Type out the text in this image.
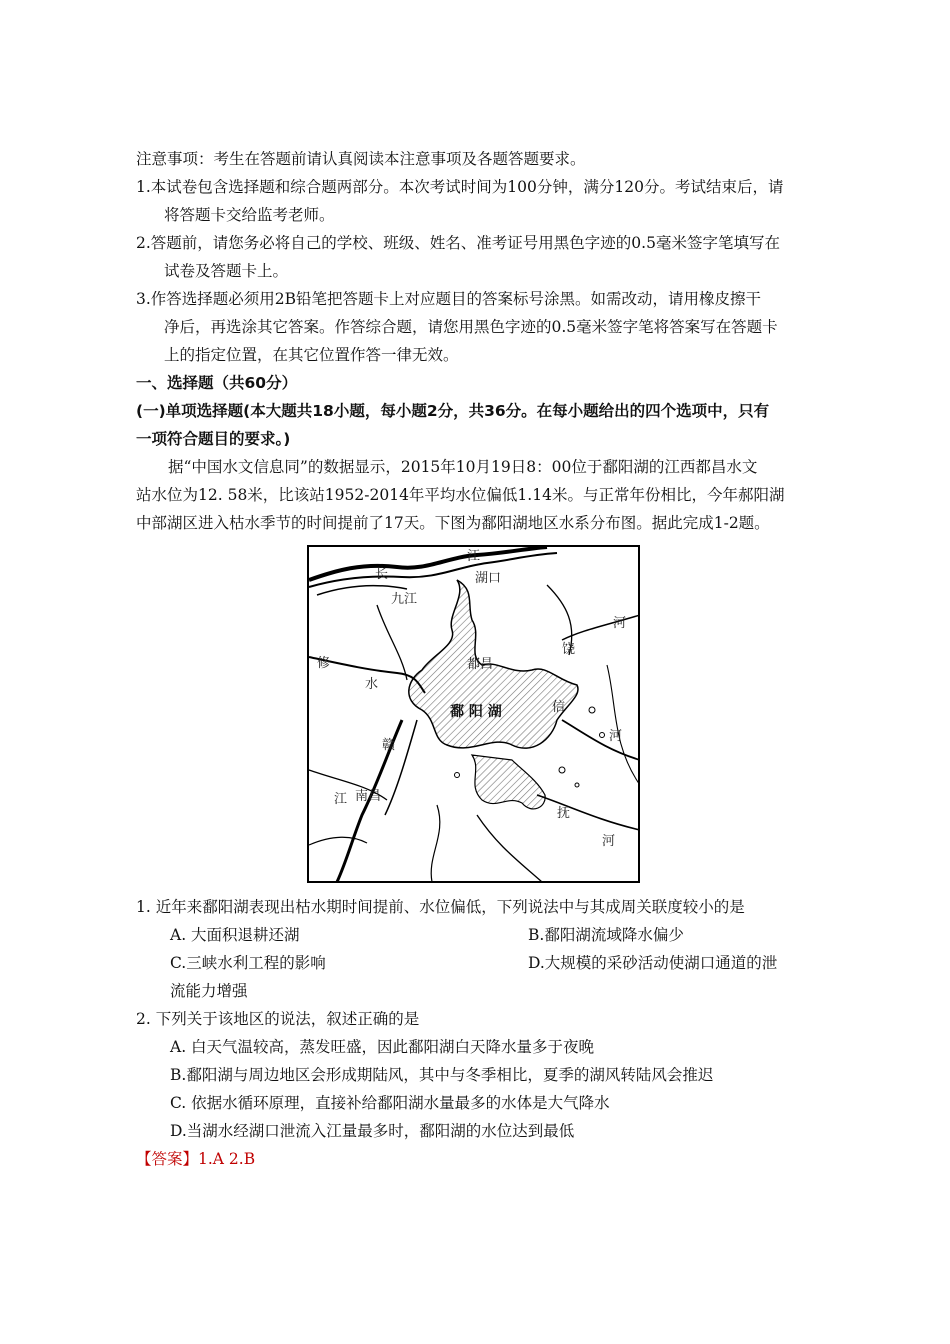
注意事项：考生在答题前请认真阅读本注意事项及各题答题要求。
1.本试卷包含选择题和综合题两部分。本次考试时间为100分钟，满分120分。考试结束后，请
将答题卡交给监考老师。
2.答题前，请您务必将自己的学校、班级、姓名、准考证号用黑色字迹的0.5毫米签字笔填写在
试卷及答题卡上。
3.作答选择题必须用2B铅笔把答题卡上对应题目的答案标号涂黑。如需改动，请用橡皮擦干
净后，再选涂其它答案。作答综合题，请您用黑色字迹的0.5毫米签字笔将答案写在答题卡
上的指定位置，在其它位置作答一律无效。
一、选择题（共60分）
(一)单项选择题(本大题共18小题，每小题2分，共36分。在每小题给出的四个选项中，只有
一项符合题目的要求。)
据“中国水文信息同”的数据显示，2015年10月19日8：00位于鄱阳湖的江西都昌水文
站水位为12. 58米，比该站1952-2014年平均水位偏低1.14米。与正常年份相比，今年郝阳湖
中部湖区进入枯水季节的时间提前了17天。下图为鄱阳湖地区水系分布图。据此完成1-2题。
江
长	湖口
九江
河
修
水
都昌
饶
鄱 阳 湖	信
河
赣
江 南昌
抚
河
1. 近年来鄱阳湖表现出枯水期时间提前、水位偏低，下列说法中与其成周关联度较小的是
A. 大面积退耕还湖	B.鄱阳湖流域降水偏少
C.三峡水利工程的影响	D.大规模的采砂活动使湖口通道的泄
流能力增强
2. 下列关于该地区的说法，叙述正确的是
A. 白天气温较高，蒸发旺盛，因此鄱阳湖白天降水量多于夜晚
B.鄱阳湖与周边地区会形成期陆风，其中与冬季相比，夏季的湖风转陆风会推迟
C. 依据水循环原理，直接补给鄱阳湖水量最多的水体是大气降水
D.当湖水经湖口泄流入江量最多时，鄱阳湖的水位达到最低
【答案】1.A 2.B
